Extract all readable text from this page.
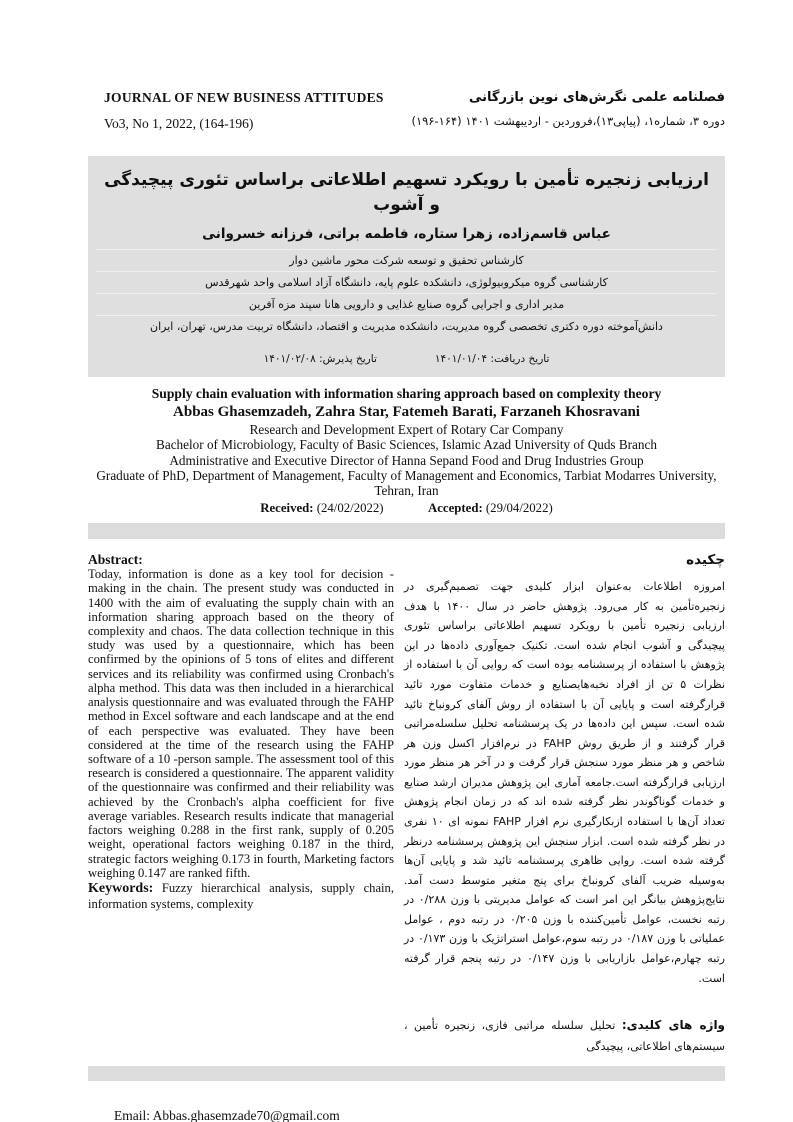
JOURNAL OF NEW BUSINESS ATTITUDES
Vo3, No 1, 2022, (164-196)
فصلنامه علمی نگرش‌های نوین بازرگانی
دوره ۳، شماره۱، (پیاپی۱۳)،فروردین - اردیبهشت ۱۴۰۱ (۱۶۴-۱۹۶)
ارزیابی زنجیره تأمین با رویکرد تسهیم اطلاعاتی براساس تئوری پیچیدگی و آشوب
عباس قاسم‌زاده، زهرا ستاره، فاطمه براتی، فرزانه خسروانی
کارشناس تحقیق و توسعه شرکت محور ماشین دوار
کارشناسی گروه میکروبیولوژی، دانشکده علوم پایه، دانشگاه آزاد اسلامی واحد شهرقدس
مدیر اداری و اجرایی گروه صنایع غذایی و دارویی هانا سپند مزه آفرین
دانش‌آموخته دوره دکتری تخصصی گروه مدیریت، دانشکده مدیریت و اقتصاد، دانشگاه تربیت مدرس، تهران، ایران
تاریخ دریافت: ۱۴۰۱/۰۱/۰۴
تاریخ پذیرش: ۱۴۰۱/۰۲/۰۸
Supply chain evaluation with information sharing approach based on complexity theory
Abbas Ghasemzadeh, Zahra Star, Fatemeh Barati, Farzaneh Khosravani
Research and Development Expert of Rotary Car Company
Bachelor of Microbiology, Faculty of Basic Sciences, Islamic Azad University of Quds Branch
Administrative and Executive Director of Hanna Sepand Food and Drug Industries Group
Graduate of PhD, Department of Management, Faculty of Management and Economics, Tarbiat Modarres University, Tehran, Iran
Received: (24/02/2022)	Accepted: (29/04/2022)
Abstract:
Today, information is done as a key tool for decision - making in the chain. The present study was conducted in 1400 with the aim of evaluating the supply chain with an information sharing approach based on the theory of complexity and chaos. The data collection technique in this study was used by a questionnaire, which has been confirmed by the opinions of 5 tons of elites and different services and its reliability was confirmed using Cronbach's alpha method. This data was then included in a hierarchical analysis questionnaire and was evaluated through the FAHP method in Excel software and each landscape and at the end of each perspective was evaluated. They have been considered at the time of the research using the FAHP software of a 10 -person sample. The assessment tool of this research is considered a questionnaire. The apparent validity of the questionnaire was confirmed and their reliability was achieved by the Cronbach's alpha coefficient for five average variables. Research results indicate that managerial factors weighing 0.288 in the first rank, supply of 0.205 weight, operational factors weighing 0.187 in the third, strategic factors weighing 0.173 in fourth, Marketing factors weighing 0.147 are ranked fifth.
Keywords: Fuzzy hierarchical analysis, supply chain, information systems, complexity
چکیده
امروزه اطلاعات به‌عنوان ابزار کلیدی جهت تصمیم‌گیری در زنجیره‌تأمین به کار می‌رود. پژوهش حاضر در سال ۱۴۰۰ با هدف ارزیابی زنجیره تأمین با رویکرد تسهیم اطلاعاتی براساس تئوری پیچیدگی و آشوب انجام شده است. تکنیک جمع‌آوری داده‌ها در این پژوهش با استفاده از پرسشنامه بوده است که روایی آن با استفاده از نظرات ۵ تن از افراد نخبه‌هایصنایع و خدمات متفاوت مورد تائید قرارگرفته است و پایایی آن با استفاده از روش آلفای کرونباخ تائید شده است. سپس این داده‌ها در یک پرسشنامه تحلیل سلسله‌مراتبی قرار گرفتند و از طریق روش FAHP در نرم‌افزار اکسل وزن هر شاخص و هر منظر مورد سنجش قرار گرفت و در آخر هر منظر مورد ارزیابی قرارگرفته است.جامعه آماری این پژوهش مدیران ارشد صنایع و خدمات گوناگوندر نظر گرفته شده اند که در زمان انجام پژوهش تعداد آن‌ها با استفاده ازبکارگیری نرم افزار FAHP نمونه ای ۱۰ نفری در نظر گرفته شده است. ابزار سنجش این پژوهش پرسشنامه درنظر گرفته شده است. روایی ظاهری پرسشنامه تائید شد و پایایی آن‌ها به‌وسیله ضریب آلفای کرونباخ برای پنج متغیر متوسط دست آمد. نتایج‌پژوهش بیانگر این امر است که عوامل مدیریتی با وزن ۰/۲۸۸ در رتبه نخست، عوامل تأمین‌کننده با وزن ۰/۲۰۵ در رتبه دوم ، عوامل عملیاتی با وزن ۰/۱۸۷ در رتبه سوم،عوامل استراتژیک با وزن ۰/۱۷۳ در رتبه چهارم،عوامل بازاریابی با وزن ۰/۱۴۷ در رتبه پنجم قرار گرفته است.
واژه های کلیدی: تحلیل سلسله مراتبی فازی، زنجیره تأمین ، سیستم‌های اطلاعاتی، پیچیدگی
Email: Abbas.ghasemzade70@gmail.com
